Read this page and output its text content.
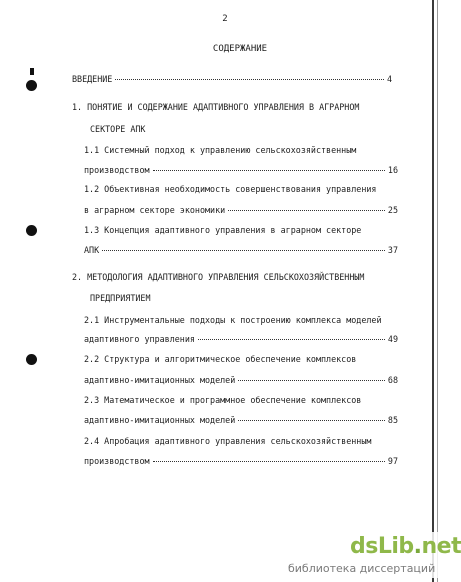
2
СОДЕРЖАНИЕ
ВВЕДЕНИЕ	4
1. ПОНЯТИЕ И СОДЕРЖАНИЕ АДАПТИВНОГО УПРАВЛЕНИЯ В АГРАРНОМ
СЕКТОРЕ АПК
1.1 Системный подход к управлению сельскохозяйственным
производством	16
1.2 Объективная необходимость совершенствования управления
в аграрном секторе экономики	25
1.3 Концепция адаптивного управления в аграрном секторе
АПК	37
2. МЕТОДОЛОГИЯ АДАПТИВНОГО УПРАВЛЕНИЯ СЕЛЬСКОХОЗЯЙСТВЕННЫМ
ПРЕДПРИЯТИЕМ
2.1 Инструментальные подходы к построению комплекса моделей
адаптивного управления	49
2.2 Структура и алгоритмическое обеспечение комплексов
адаптивно-имитационных моделей	68
2.3 Математическое и программное обеспечение комплексов
адаптивно-имитационных моделей	85
2.4 Апробация адаптивного управления сельскохозяйственным
производством	97
dsLib.net
библиотека диссертаций
